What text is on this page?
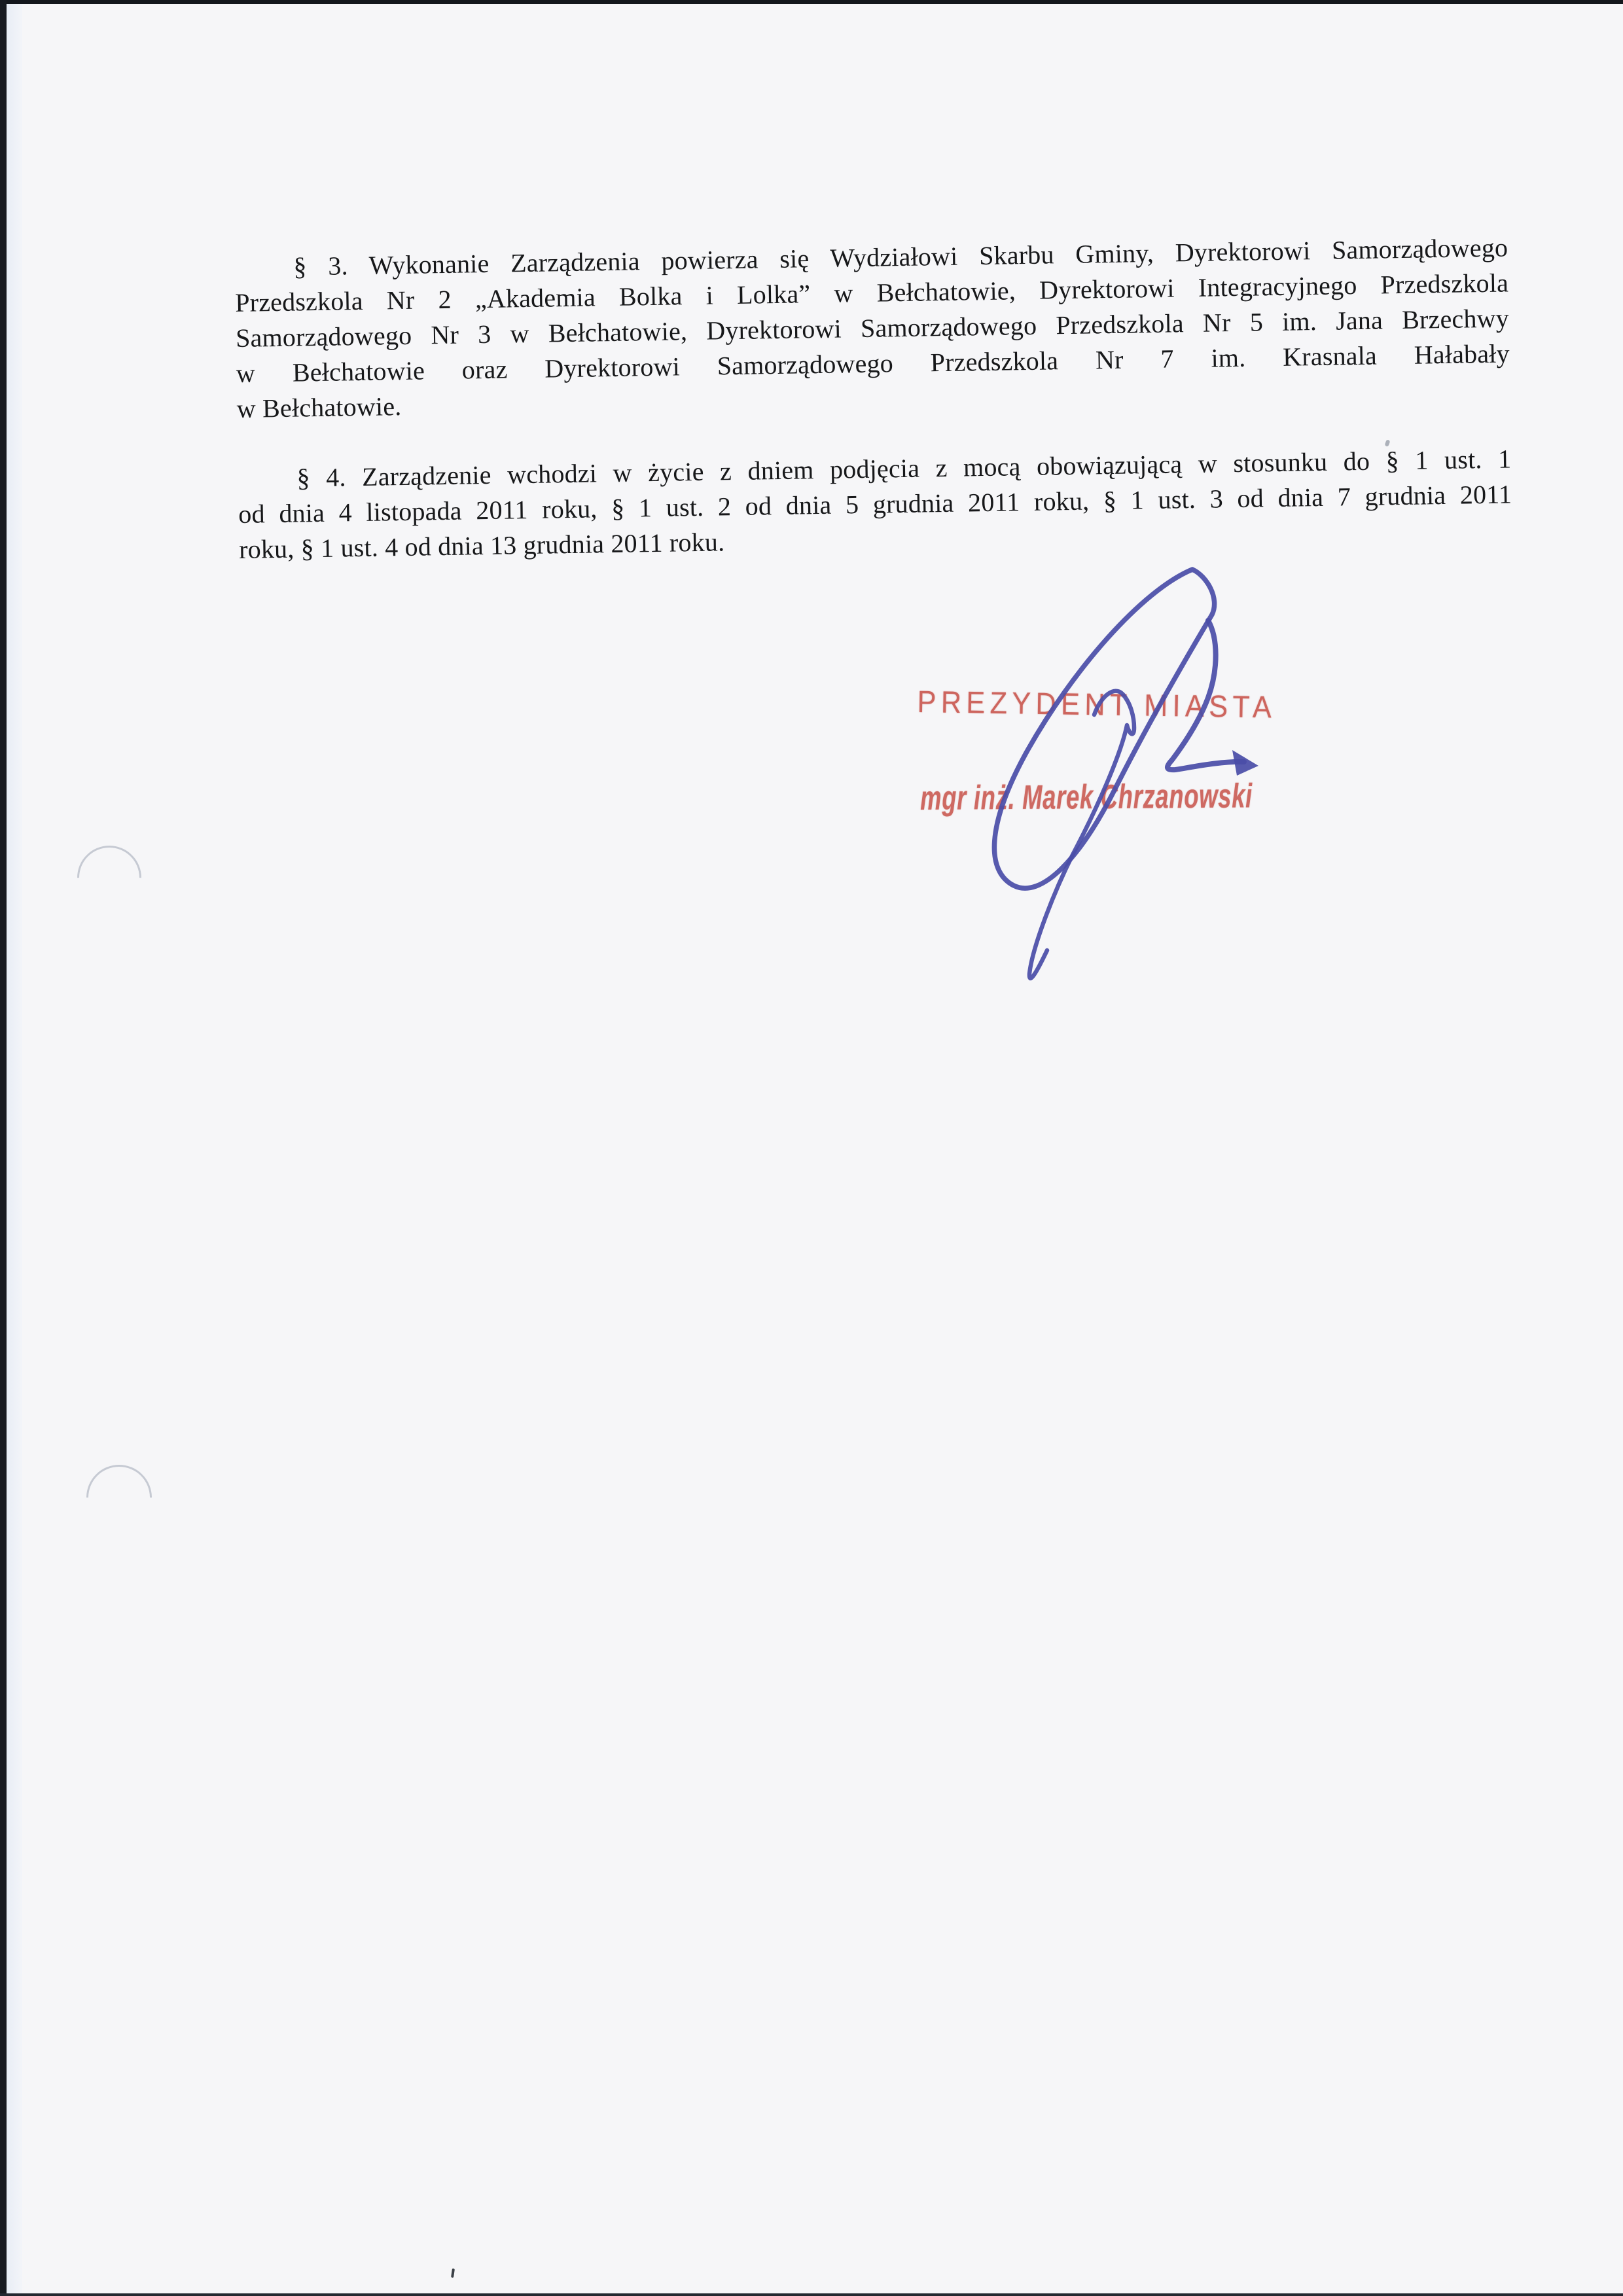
§ 3. Wykonanie Zarządzenia powierza się Wydziałowi Skarbu Gminy, Dyrektorowi Samorządowego
Przedszkola Nr 2 „Akademia Bolka i Lolka” w Bełchatowie, Dyrektorowi Integracyjnego Przedszkola
Samorządowego Nr 3 w Bełchatowie, Dyrektorowi Samorządowego Przedszkola Nr 5 im. Jana Brzechwy
w Bełchatowie oraz Dyrektorowi Samorządowego Przedszkola Nr 7 im. Krasnala Hałabały
w Bełchatowie.
§ 4. Zarządzenie wchodzi w życie z dniem podjęcia z mocą obowiązującą w stosunku do § 1 ust. 1
od dnia 4 listopada 2011 roku, § 1 ust. 2 od dnia 5 grudnia 2011 roku, § 1 ust. 3 od dnia 7 grudnia 2011
roku, § 1 ust. 4 od dnia 13 grudnia 2011 roku.
PREZYDENT MIASTA
mgr inż. Marek Chrzanowski
